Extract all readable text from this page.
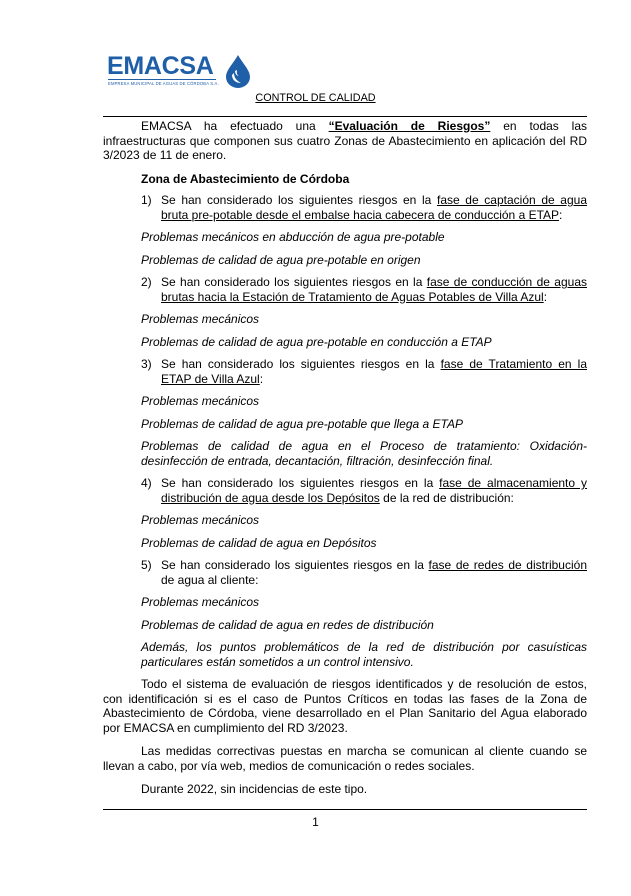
EMACSA
EMPRESA MUNICIPAL DE AGUAS DE CÓRDOBA S.A.
CONTROL DE CALIDAD

EMACSA ha efectuado una “Evaluación de Riesgos” en todas las infraestructuras que componen sus cuatro Zonas de Abastecimiento en aplicación del RD 3/2023 de 11 de enero.

Zona de Abastecimiento de Córdoba
1) Se han considerado los siguientes riesgos en la fase de captación de agua bruta pre-potable desde el embalse hacia cabecera de conducción a ETAP:
Problemas mecánicos en abducción de agua pre-potable
Problemas de calidad de agua pre-potable en origen
2) Se han considerado los siguientes riesgos en la fase de conducción de aguas brutas hacia la Estación de Tratamiento de Aguas Potables de Villa Azul:
Problemas mecánicos
Problemas de calidad de agua pre-potable en conducción a ETAP
3) Se han considerado los siguientes riesgos en la fase de Tratamiento en la ETAP de Villa Azul:
Problemas mecánicos
Problemas de calidad de agua pre-potable que llega a ETAP
Problemas de calidad de agua en el Proceso de tratamiento: Oxidación-desinfección de entrada, decantación, filtración, desinfección final.
4) Se han considerado los siguientes riesgos en la fase de almacenamiento y distribución de agua desde los Depósitos de la red de distribución:
Problemas mecánicos
Problemas de calidad de agua en Depósitos
5) Se han considerado los siguientes riesgos en la fase de redes de distribución de agua al cliente:
Problemas mecánicos
Problemas de calidad de agua en redes de distribución
Además, los puntos problemáticos de la red de distribución por casuísticas particulares están sometidos a un control intensivo.

Todo el sistema de evaluación de riesgos identificados y de resolución de estos, con identificación si es el caso de Puntos Críticos en todas las fases de la Zona de Abastecimiento de Córdoba, viene desarrollado en el Plan Sanitario del Agua elaborado por EMACSA en cumplimiento del RD 3/2023.

Las medidas correctivas puestas en marcha se comunican al cliente cuando se llevan a cabo, por vía web, medios de comunicación o redes sociales.

Durante 2022, sin incidencias de este tipo.

1
